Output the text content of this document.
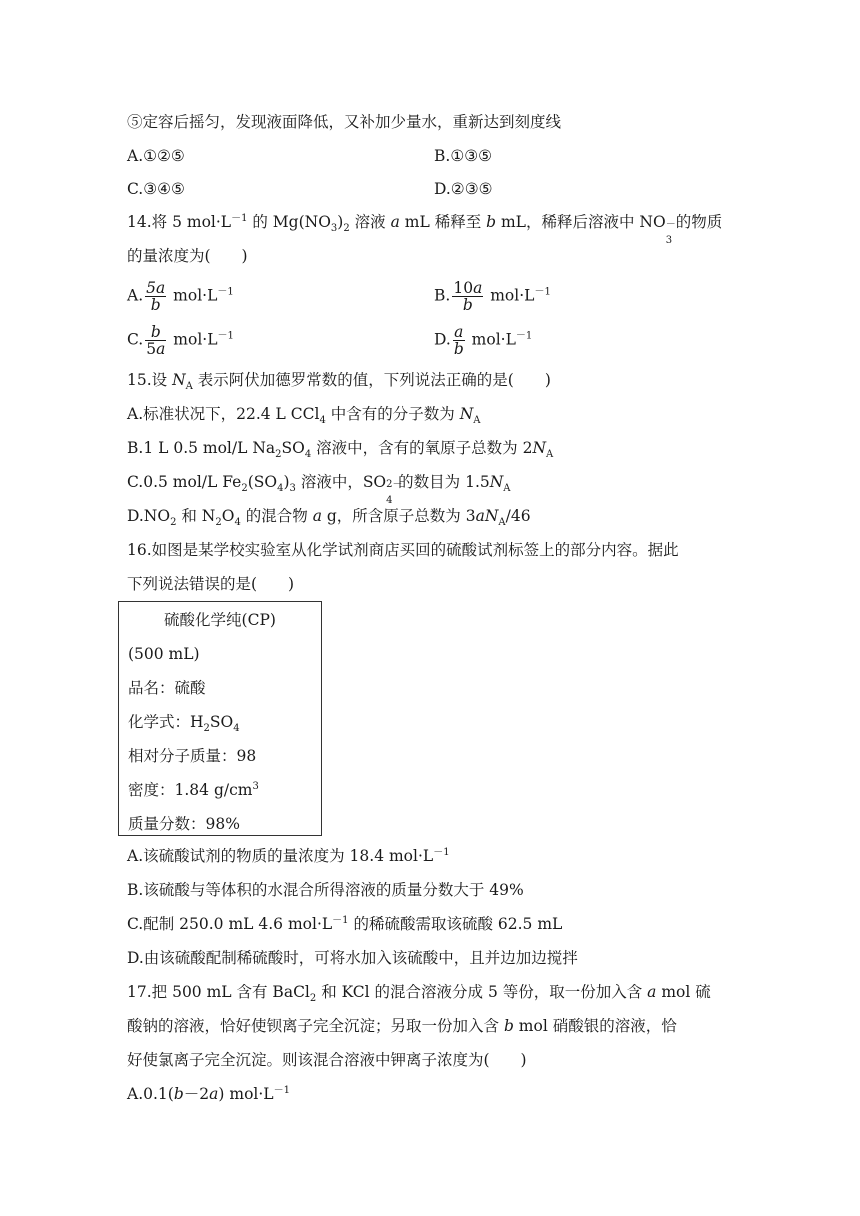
⑤定容后摇匀，发现液面降低，又补加少量水，重新达到刻度线
A.①②⑤	B.①③⑤
C.③④⑤	D.②③⑤
14.将 5 $mol\cdot L^{-1}$ 的 $Mg(NO_3)_2$ 溶液 a mL 稀释至 b mL，稀释后溶液中 NO －
3
的物质
的量浓度为(　　)
A. $\frac{5a}{b} mol\cdot L^{-1}$	B. $\frac{10a}{b} mol\cdot L^{-1}$
C. $\frac{b}{5a} mol\cdot L^{-1}$	D. $\frac{a}{b} mol\cdot L^{-1}$
15.设 $N_A$ 表示阿伏加德罗常数的值，下列说法正确的是(　　)
A.标准状况下，22.4 L CCl$_4$ 中含有的分子数为 $N_A$
B.1 L 0.5 mol/L $Na_2SO_4$ 溶液中，含有的氧原子总数为 $2N_A$
C.0.5 mol/L $Fe_2(SO_4)_3$ 溶液中，SO 2－
4
的数目为 $1.5N_A$
$D.NO_2$ 和 $N_2O_4$ 的混合物 a g，所含原子总数为 $3aN_A/46$
16.如图是某学校实验室从化学试剂商店买回的硫酸试剂标签上的部分内容。据此
下列说法错误的是(　　)
硫酸化学纯(CP)
(500 mL)
品名：硫酸
化学式：$H_2SO_4$
相对分子质量：98
密度：1.84 $g/cm^3$
质量分数：98%
A.该硫酸试剂的物质的量浓度为 18.4 $mol\cdot L^{-1}$
B.该硫酸与等体积的水混合所得溶液的质量分数大于 49%
C.配制 250.0 mL 4.6 $mol\cdot L^{-1}$ 的稀硫酸需取该硫酸 62.5 mL
D.由该硫酸配制稀硫酸时，可将水加入该硫酸中，且并边加边搅拌
17.把 500 mL 含有 BaCl$_2$ 和 KCl 的混合溶液分成 5 等份，取一份加入含 a mol 硫
酸钠的溶液，恰好使钡离子完全沉淀；另取一份加入含 b mol 硝酸银的溶液，恰
好使氯离子完全沉淀。则该混合溶液中钾离子浓度为(　　)
A.0.1(b－2a) $mol\cdot L^{-1}$
